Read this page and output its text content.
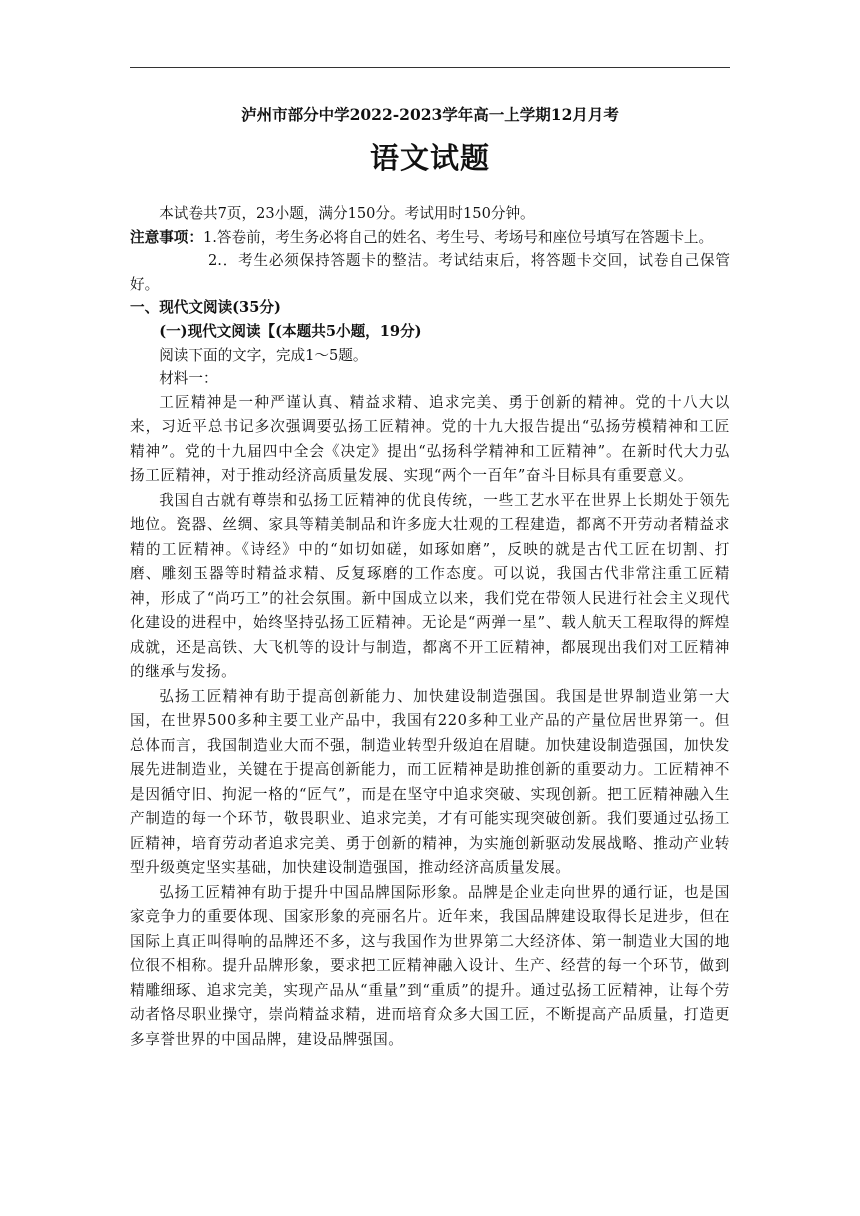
泸州市部分中学2022-2023学年高一上学期12月月考
语文试题

本试卷共7页，23小题，满分150分。考试用时150分钟。

注意事项： 1.答卷前，考生务必将自己的姓名、考生号、考场号和座位号填写在答题卡上。

2.．考生必须保持答题卡的整洁。考试结束后，将答题卡交回，试卷自己保管好。

一、现代文阅读(35分)

(一)现代文阅读【(本题共5小题，19分)

阅读下面的文字，完成1～5题。

材料一：

工匠精神是一种严谨认真、精益求精、追求完美、勇于创新的精神。党的十八大以来，习近平总书记多次强调要弘扬工匠精神。党的十九大报告提出“弘扬劳模精神和工匠精神”。党的十九届四中全会《决定》提出“弘扬科学精神和工匠精神”。在新时代大力弘扬工匠精神，对于推动经济高质量发展、实现“两个一百年”奋斗目标具有重要意义。

我国自古就有尊崇和弘扬工匠精神的优良传统，一些工艺水平在世界上长期处于领先地位。瓷器、丝绸、家具等精美制品和许多庞大壮观的工程建造，都离不开劳动者精益求精的工匠精神。《诗经》中的“如切如磋，如琢如磨”，反映的就是古代工匠在切割、打磨、雕刻玉器等时精益求精、反复琢磨的工作态度。可以说，我国古代非常注重工匠精神，形成了“尚巧工”的社会氛围。新中国成立以来，我们党在带领人民进行社会主义现代化建设的进程中，始终坚持弘扬工匠精神。无论是“两弹一星”、载人航天工程取得的辉煌成就，还是高铁、大飞机等的设计与制造，都离不开工匠精神，都展现出我们对工匠精神的继承与发扬。

弘扬工匠精神有助于提高创新能力、加快建设制造强国。我国是世界制造业第一大国，在世界500多种主要工业产品中，我国有220多种工业产品的产量位居世界第一。但总体而言，我国制造业大而不强，制造业转型升级迫在眉睫。加快建设制造强国，加快发展先进制造业，关键在于提高创新能力，而工匠精神是助推创新的重要动力。工匠精神不是因循守旧、拘泥一格的“匠气”，而是在坚守中追求突破、实现创新。把工匠精神融入生产制造的每一个环节，敬畏职业、追求完美，才有可能实现突破创新。我们要通过弘扬工匠精神，培育劳动者追求完美、勇于创新的精神，为实施创新驱动发展战略、推动产业转型升级奠定坚实基础，加快建设制造强国，推动经济高质量发展。

弘扬工匠精神有助于提升中国品牌国际形象。品牌是企业走向世界的通行证，也是国家竞争力的重要体现、国家形象的亮丽名片。近年来，我国品牌建设取得长足进步，但在国际上真正叫得响的品牌还不多，这与我国作为世界第二大经济体、第一制造业大国的地位很不相称。提升品牌形象，要求把工匠精神融入设计、生产、经营的每一个环节，做到精雕细琢、追求完美，实现产品从“重量”到“重质”的提升。通过弘扬工匠精神，让每个劳动者恪尽职业操守，崇尚精益求精，进而培育众多大国工匠，不断提高产品质量，打造更多享誉世界的中国品牌，建设品牌强国。
